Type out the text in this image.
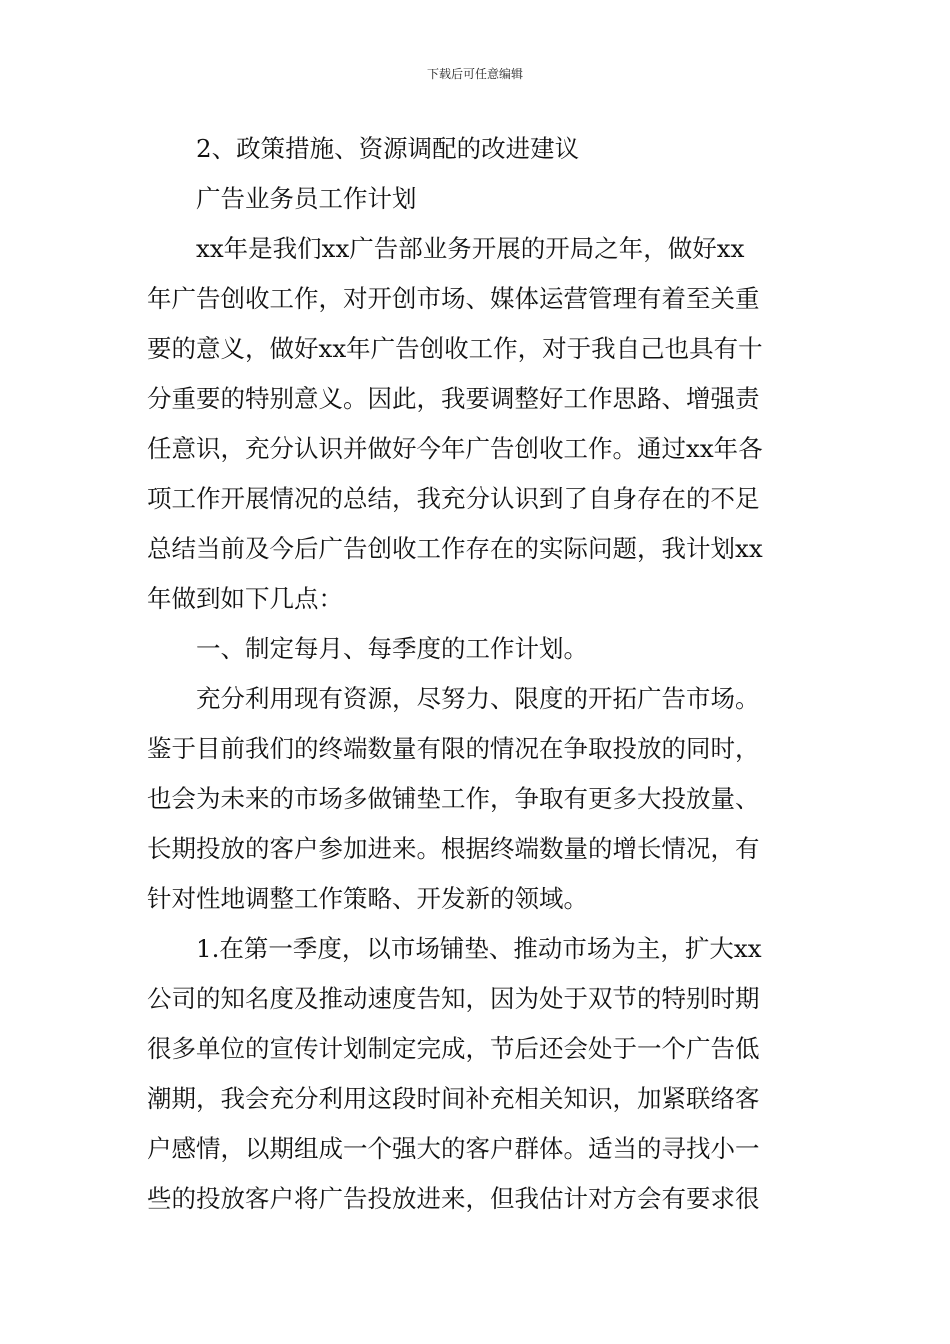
下载后可任意编辑
2、政策措施、资源调配的改进建议
广告业务员工作计划
xx年是我们xx广告部业务开展的开局之年，做好xx
年广告创收工作，对开创市场、媒体运营管理有着至关重
要的意义，做好xx年广告创收工作，对于我自己也具有十
分重要的特别意义。因此，我要调整好工作思路、增强责
任意识，充分认识并做好今年广告创收工作。通过xx年各
项工作开展情况的总结，我充分认识到了自身存在的不足
总结当前及今后广告创收工作存在的实际问题，我计划xx
年做到如下几点：
一、制定每月、每季度的工作计划。
充分利用现有资源，尽努力、限度的开拓广告市场。
鉴于目前我们的终端数量有限的情况在争取投放的同时，
也会为未来的市场多做铺垫工作，争取有更多大投放量、
长期投放的客户参加进来。根据终端数量的增长情况，有
针对性地调整工作策略、开发新的领域。
1.在第一季度，以市场铺垫、推动市场为主，扩大xx
公司的知名度及推动速度告知，因为处于双节的特别时期
很多单位的宣传计划制定完成，节后还会处于一个广告低
潮期，我会充分利用这段时间补充相关知识，加紧联络客
户感情，以期组成一个强大的客户群体。适当的寻找小一
些的投放客户将广告投放进来，但我估计对方会有要求很
